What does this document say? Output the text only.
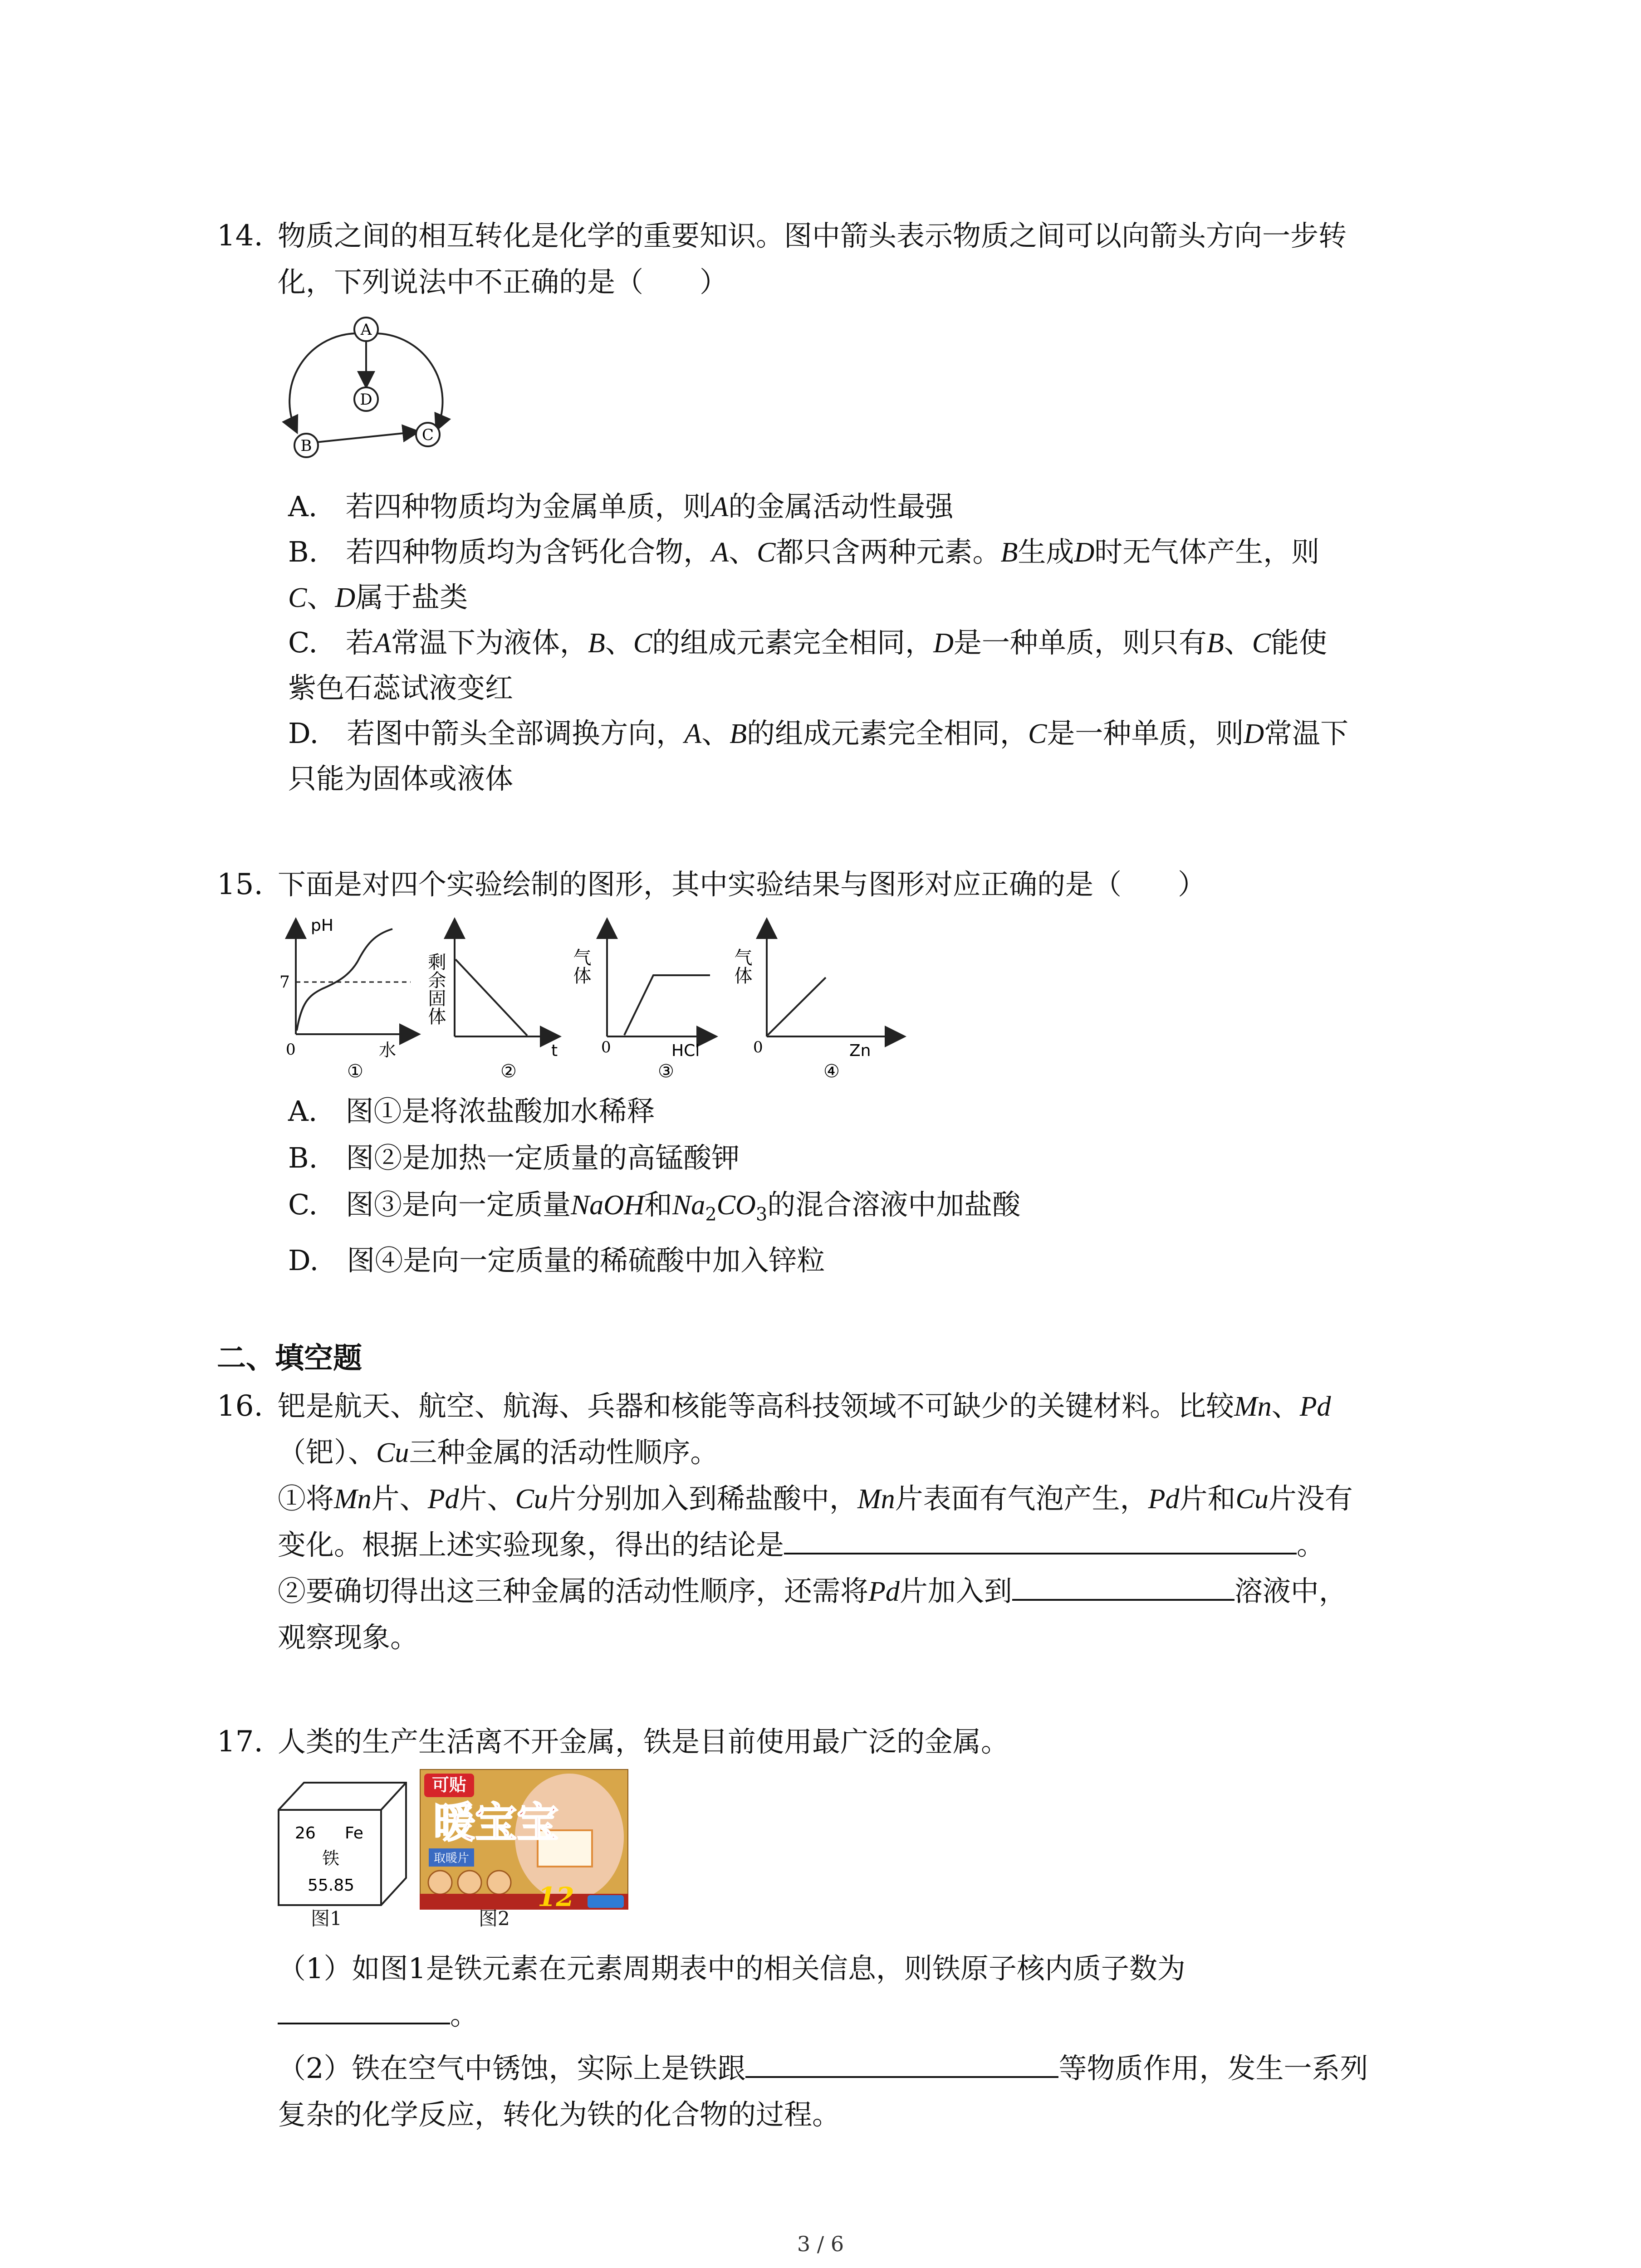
14. 物质之间的相互转化是化学的重要知识。图中箭头表示物质之间可以向箭头方向一步转
化，下列说法中不正确的是（　　）
A
B
C
D
A.　若四种物质均为金属单质，则A的金属活动性最强
B.　若四种物质均为含钙化合物，A、C都只含两种元素。B生成D时无气体产生，则
C、D属于盐类
C.　若A常温下为液体，B、C的组成元素完全相同，D是一种单质，则只有B、C能使
紫色石蕊试液变红
D.　若图中箭头全部调换方向，A、B的组成元素完全相同，C是一种单质，则D常温下
只能为固体或液体
15. 下面是对四个实验绘制的图形，其中实验结果与图形对应正确的是（　　）
pH
7
0	水
①
剩余固体
t
②
气体
0	HCl
③
气体
0	Zn
④
A.　图①是将浓盐酸加水稀释
B.　图②是加热一定质量的高锰酸钾
C.　图③是向一定质量NaOH和$Na_2CO_3$的混合溶液中加盐酸
D.　图④是向一定质量的稀硫酸中加入锌粒
二、填空题
16. 钯是航天、航空、航海、兵器和核能等高科技领域不可缺少的关键材料。比较Mn、Pd
（钯）、Cu三种金属的活动性顺序。
①将Mn片、Pd片、Cu片分别加入到稀盐酸中，Mn片表面有气泡产生，Pd片和Cu片没有
变化。根据上述实验现象，得出的结论是	。
②要确切得出这三种金属的活动性顺序，还需将Pd片加入到	溶液中，
观察现象。
17. 人类的生产生活离不开金属，铁是目前使用最广泛的金属。
26 Fe
铁
55.85
可贴
暖宝宝
取暖片
12
图1	图2
（1）如图1是铁元素在元素周期表中的相关信息，则铁原子核内质子数为
。
（2）铁在空气中锈蚀，实际上是铁跟	等物质作用，发生一系列
复杂的化学反应，转化为铁的化合物的过程。
3 / 6
